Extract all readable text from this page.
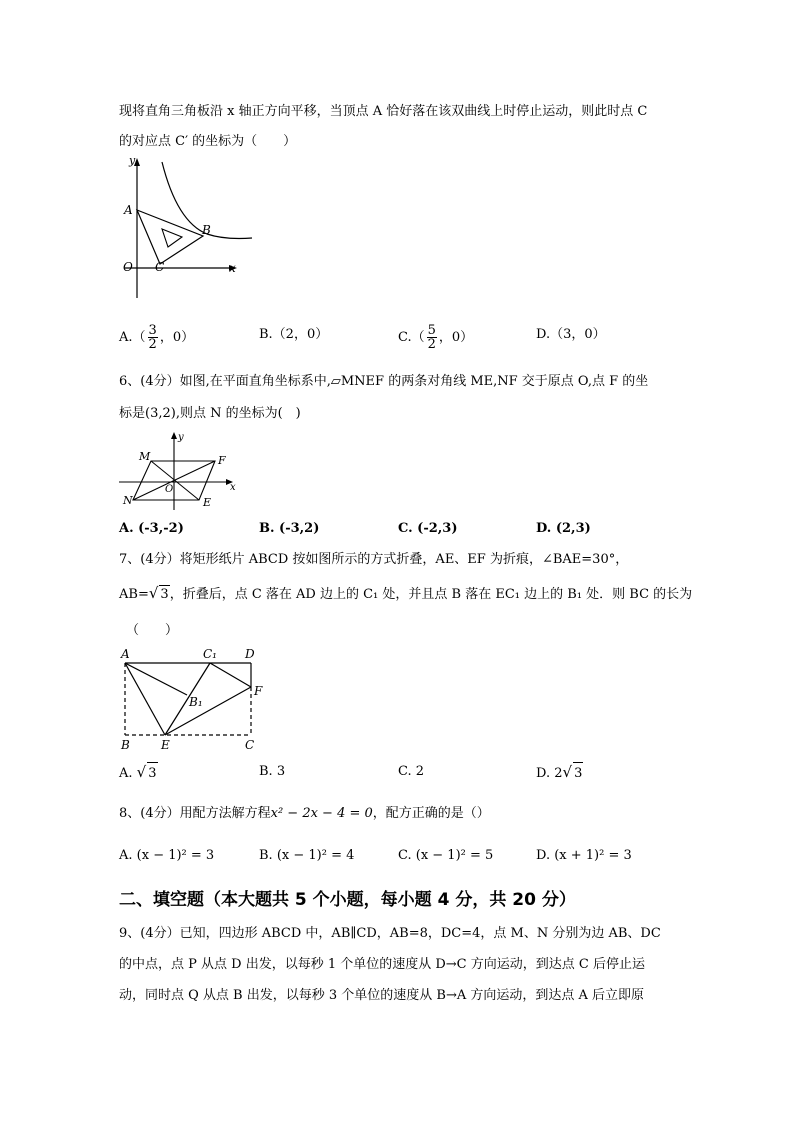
现将直角三角板沿 x 轴正方向平移，当顶点 A 恰好落在该双曲线上时停止运动，则此时点 C
的对应点 C′ 的坐标为（　　）
y
A
B
O C	x
$A.( \frac{3}{2}$ ，0）	B.（2，0）	$C.( \frac{5}{2}$ ，0）	D.（3，0）
6、(4分）如图,在平面直角坐标系中,▱MNEF 的两条对角线 ME,NF 交于原点 O,点 F 的坐
标是(3,2),则点 N 的坐标为(　)
y
M	F
O	x
N	E
A. (-3,-2)	B. (-3,2)	C. (-2,3)	D. (2,3)
7、(4分）将矩形纸片 ABCD 按如图所示的方式折叠，AE、EF 为折痕，∠BAE=30°，
AB=√ 3，折叠后，点 C 落在 AD 边上的 C₁ 处，并且点 B 落在 EC₁ 边上的 B₁ 处．则 BC 的长为
（　　）
A	C₁ D
F
B₁
B	E	C
A. √ 3	B. 3	C. 2	D. 2√ 3
8、(4分）用配方法解方程x² − 2x − 4 = 0，配方正确的是（）
A. (x − 1)² = 3	B. (x − 1)² = 4	C. (x − 1)² = 5	D. (x + 1)² = 3
二、填空题（本大题共 5 个小题，每小题 4 分，共 20 分）
9、(4分）已知，四边形 ABCD 中，AB∥CD，AB=8，DC=4，点 M、N 分别为边 AB、DC
的中点，点 P 从点 D 出发，以每秒 1 个单位的速度从 D→C 方向运动，到达点 C 后停止运
动，同时点 Q 从点 B 出发，以每秒 3 个单位的速度从 B→A 方向运动，到达点 A 后立即原
